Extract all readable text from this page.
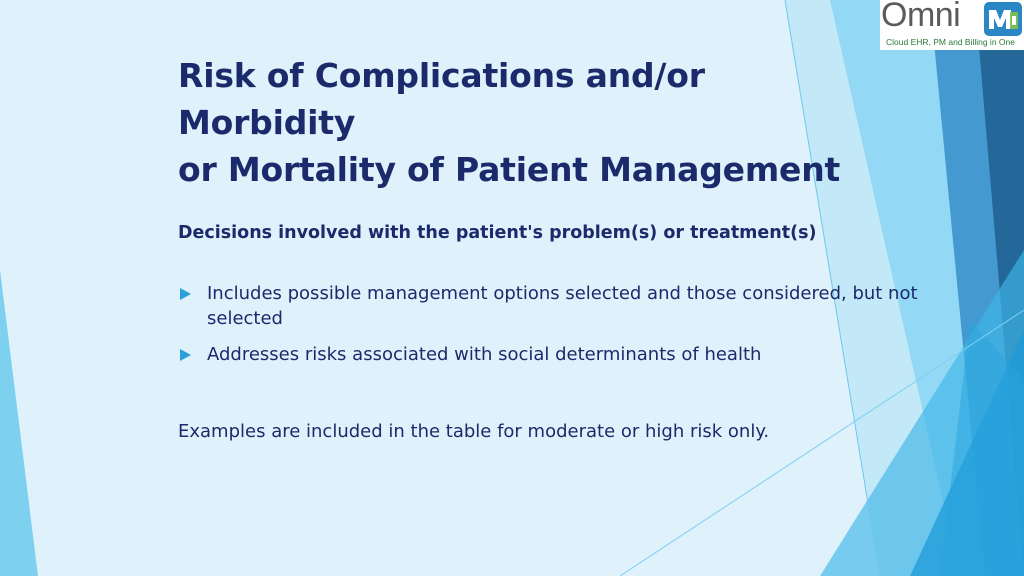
Risk of Complications and/or Morbidity
or Mortality of Patient Management
Decisions involved with the patient's problem(s) or treatment(s)
Includes possible management options selected and those considered, but not selected
Addresses risks associated with social determinants of health
Examples are included in the table for moderate or high risk only.
Omni
Cloud EHR, PM and Billing in One
